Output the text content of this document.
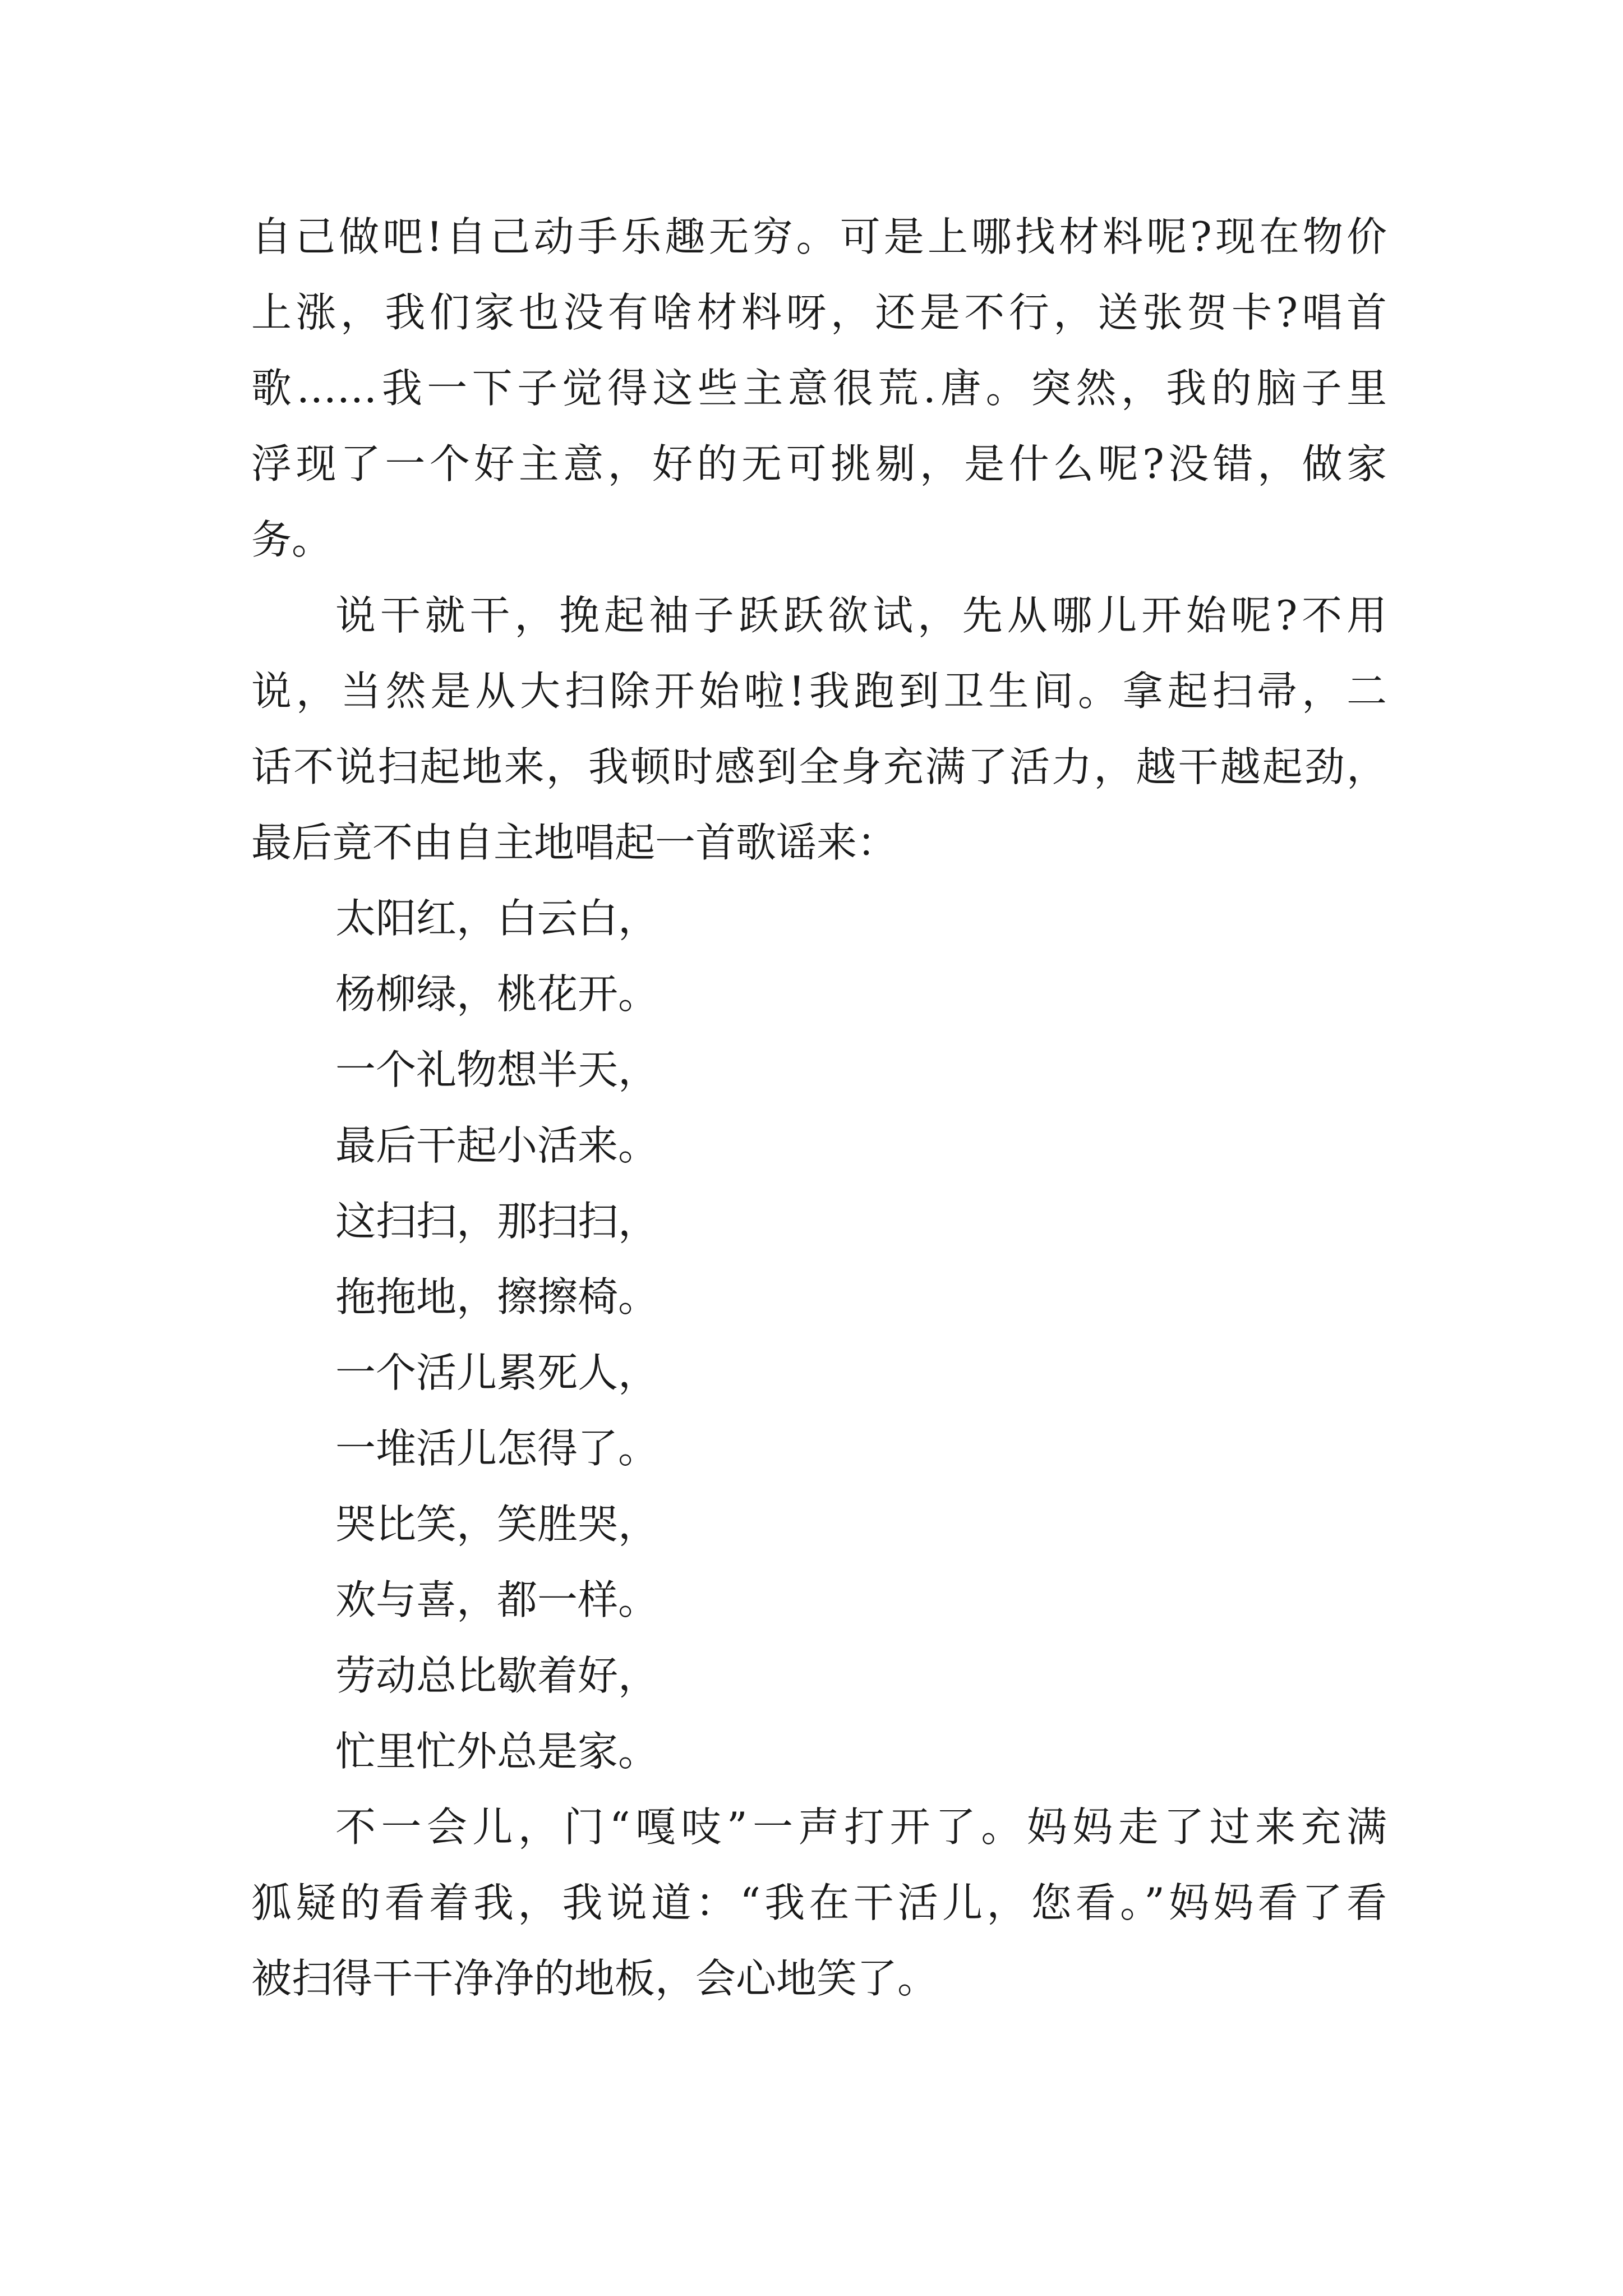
自己做吧!自己动手乐趣无穷。可是上哪找材料呢?现在物价
上涨，我们家也没有啥材料呀，还是不行，送张贺卡?唱首
歌……我一下子觉得这些主意很荒.唐。突然，我的脑子里
浮现了一个好主意，好的无可挑剔，是什么呢?没错，做家
务。
说干就干，挽起袖子跃跃欲试，先从哪儿开始呢?不用
说，当然是从大扫除开始啦!我跑到卫生间。拿起扫帚，二
话不说扫起地来，我顿时感到全身充满了活力，越干越起劲，
最后竟不由自主地唱起一首歌谣来：
太阳红，白云白，
杨柳绿，桃花开。
一个礼物想半天，
最后干起小活来。
这扫扫，那扫扫，
拖拖地，擦擦椅。
一个活儿累死人，
一堆活儿怎得了。
哭比笑，笑胜哭，
欢与喜，都一样。
劳动总比歇着好，
忙里忙外总是家。
不一会儿，门“嘎吱”一声打开了。妈妈走了过来充满
狐疑的看着我，我说道：“我在干活儿，您看。”妈妈看了看
被扫得干干净净的地板，会心地笑了。
